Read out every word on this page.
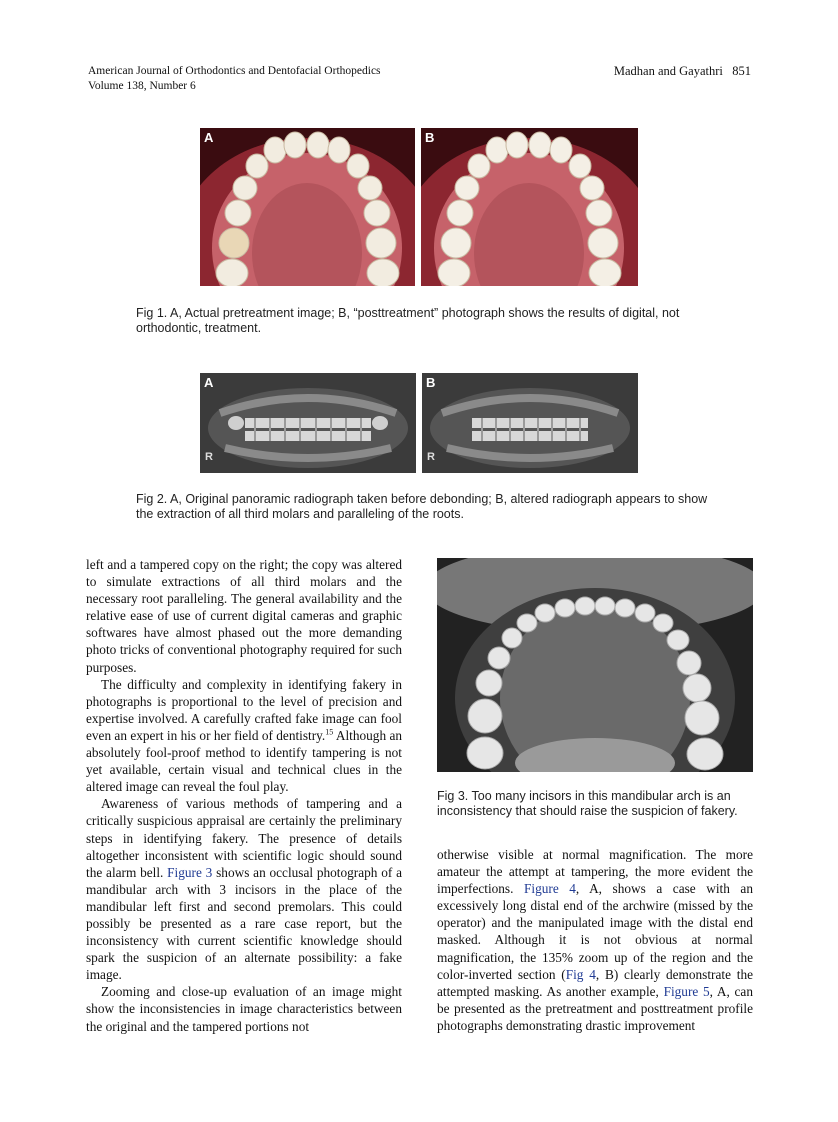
American Journal of Orthodontics and Dentofacial Orthopedics
Volume 138, Number 6
Madhan and Gayathri   851
A	B
Fig 1. A, Actual pretreatment image; B, “posttreatment” photograph shows the results of digital, not orthodontic, treatment.
A
R
B
R
Fig 2. A, Original panoramic radiograph taken before debonding; B, altered radiograph appears to show the extraction of all third molars and paralleling of the roots.
Fig 3. Too many incisors in this mandibular arch is an inconsistency that should raise the suspicion of fakery.

left and a tampered copy on the right; the copy was altered to simulate extractions of all third molars and the necessary root paralleling. The general availability and the relative ease of use of current digital cameras and graphic softwares have almost phased out the more demanding photo tricks of conventional photography required for such purposes.

The difficulty and complexity in identifying fakery in photographs is proportional to the level of precision and expertise involved. A carefully crafted fake image can fool even an expert in his or her field of dentistry.$^{15}$ Although an absolutely fool-proof method to identify tampering is not yet available, certain visual and technical clues in the altered image can reveal the foul play.

Awareness of various methods of tampering and a critically suspicious appraisal are certainly the preliminary steps in identifying fakery. The presence of details altogether inconsistent with scientific logic should sound the alarm bell. Figure 3 shows an occlusal photograph of a mandibular arch with 3 incisors in the place of the mandibular left first and second premolars. This could possibly be presented as a rare case report, but the inconsistency with current scientific knowledge should spark the suspicion of an alternate possibility: a fake image.

Zooming and close-up evaluation of an image might show the inconsistencies in image characteristics between the original and the tampered portions not

otherwise visible at normal magnification. The more amateur the attempt at tampering, the more evident the imperfections. Figure 4, A, shows a case with an excessively long distal end of the archwire (missed by the operator) and the manipulated image with the distal end masked. Although it is not obvious at normal magnification, the 135% zoom up of the region and the color-inverted section (Fig 4, B) clearly demonstrate the attempted masking. As another example, Figure 5, A, can be presented as the pretreatment and posttreatment profile photographs demonstrating drastic improvement
